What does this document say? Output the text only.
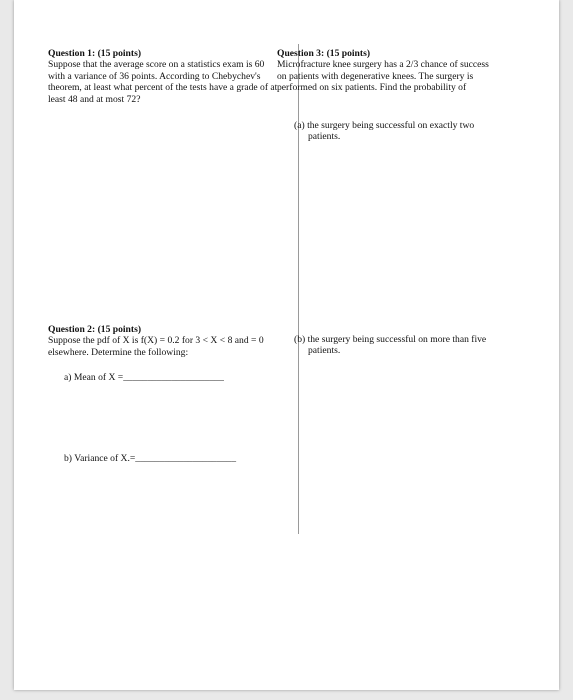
Question 1: (15 points)
Suppose that the average score on a statistics exam is 60 with a variance of 36 points. According to Chebychev's theorem, at least what percent of the tests have a grade of at least 48 and at most 72?
Question 3: (15 points)
Microfracture knee surgery has a 2/3 chance of success on patients with degenerative knees. The surgery is performed on six patients. Find the probability of
(a) the surgery being successful on exactly two patients.
Question 2: (15 points)
Suppose the pdf of X is f(X) = 0.2 for 3 < X < 8 and = 0 elsewhere. Determine the following:
(b) the surgery being successful on more than five patients.
a) Mean of X =_____________________
b) Variance of X.=_____________________
